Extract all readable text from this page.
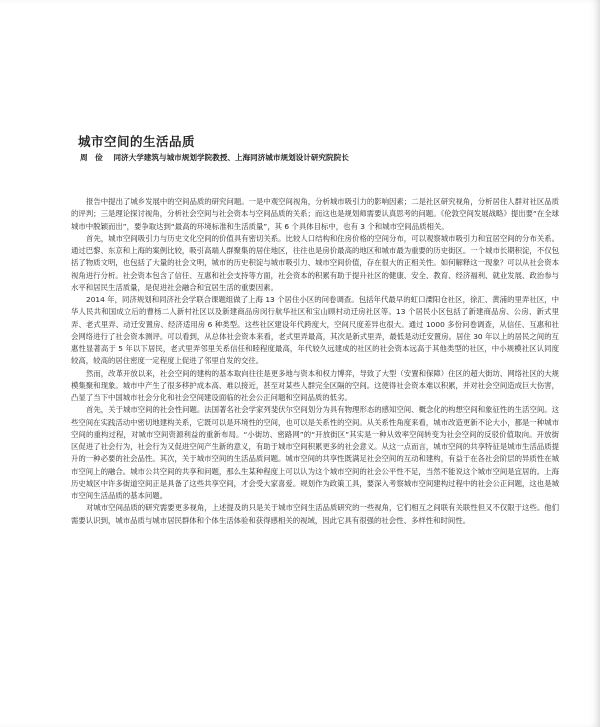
城市空间的生活品质
周　俭 同济大学建筑与城市规划学院教授、上海同济城市规划设计研究院院长

报告中提出了城乡发展中的空间品质的研究问题。一是中观空间视角，分析城市吸引力的影响因素；二是社区研究视角，分析居住人群对社区品质的评判；三是理论探讨视角，分析社会空间与社会资本与空间品质的关系；而这也是规划师需要认真思考的问题。《伦敦空间发展战略》提出要“在全球城市中脱颖而出”，要争取达到“最高的环境标准和生活质量”，其 6 个具体目标中，也有 3 个和城市空间品质相关。

首先，城市空间吸引力与历史文化空间的价值具有密切关系。比较人口结构和住房价格的空间分布，可以观察城市吸引力和宜居空间的分布关系。通过巴黎、东京和上海的案例比较，吸引高端人群聚集的居住地区，往往也是房价最高的地区和城市最为重要的历史街区。一个城市长期积淀，不仅包括了物质文明，也包括了大量的社会文明，城市的历史积淀与城市吸引力、城市空间价值，存在很大的正相关性。如何解释这一现象？可以从社会资本视角进行分析。社会资本包含了信任、互惠和社会支持等方面，社会资本的积累有助于提升社区的健康、安全、教育、经济福利、就业发展、政治参与水平和居民生活质量，是促进社会融合和宜居生活的重要因素。

2014 年，同济规划和同济社会学联合课题组做了上海 13 个居住小区的问卷调查。包括年代最早的虹口溧阳仓社区，徐汇、黄浦的里弄社区，中华人民共和国成立后的曹杨二人新村社区以及新建商品房闵行航华社区和宝山顾村动迁房社区等。13 个居民小区包括了新建商品房、公房、新式里弄、老式里弄、动迁安置房、经济适用房 6 种类型。这些社区建设年代跨度大，空间尺度差异也很大。通过 1000 多份问卷调查，从信任、互惠和社会网络进行了社会资本测评。可以看到，从总体社会资本来看，老式里弄最高，其次是新式里弄，最低是动迁安置房。居住 30 年以上的居民之间的互惠性显著高于 5 年以下居民，老式里弄邻里关系信任和睦程度最高，年代较久远建成的社区的社会资本远高于其他类型的社区，中小规模社区认同度较高，较高的居住密度一定程度上促进了邻里自发的交往。

然而，改革开放以来，社会空间的建构的基本取向往往是更多地与资本和权力博弈，导致了大型（安置和保障）住区的超大街坊、网络社区的大规模集聚和现象。城市中产生了很多移护成本高、难以接近，甚至对某些人群完全区隔的空间。这使得社会资本难以积累，并对社会空间造成巨大伤害，凸显了当下中国城市社会分化和社会空间建设面临的社会公正问题和空间品质的低劣。

首先，关于城市空间的社会性问题。法国著名社会学家列斐伏尔空间划分为具有物理形态的感知空间、概念化的构想空间和象征性的生活空间。这些空间在实践活动中密切地建构关系，它既可以是环境性的空间，也可以是关系性的空间。从关系性角度来看，城市改造更新不论大小，都是一种城市空间的重构过程，对城市空间资源利益的重新布局。“小街坊、密路网”的“开放街区”其实是一种从效率空间转变为社会空间的反驳价值取向。开放街区促进了社会行为，社会行为又促进空间产生新的意义，有助于城市空间积累更多的社会意义。从这一点而言，城市空间的共享特征是城市生活品质提升的一种必要的社会品性。其次，关于城市空间的生活品质问题。城市空间的共享性既满足社会空间的互动和建构，有益于在各社会阶层的异质性在城市空间上的融合。城市公共空间的共享和问题，那么生某种程度上可以认为这个城市空间的社会公平性不足，当然不能说这个城市空间是宜居的。上海历史城区中许多街道空间正是具备了这些共享空间，才会受大家喜爱。规划作为政策工具，要深入考察城市空间建构过程中的社会公正问题，这也是城市空间生活品质的基本问题。

对城市空间品质的研究需要更多视角，上述提及的只是关于城市空间生活品质研究的一些视角，它们相互之间联有关联性但又不仅限于这些。他们需要认识到，城市品质与城市居民群体和个体生活体验和获得感相关的视域，因此它具有很强的社会性、多样性和时间性。
